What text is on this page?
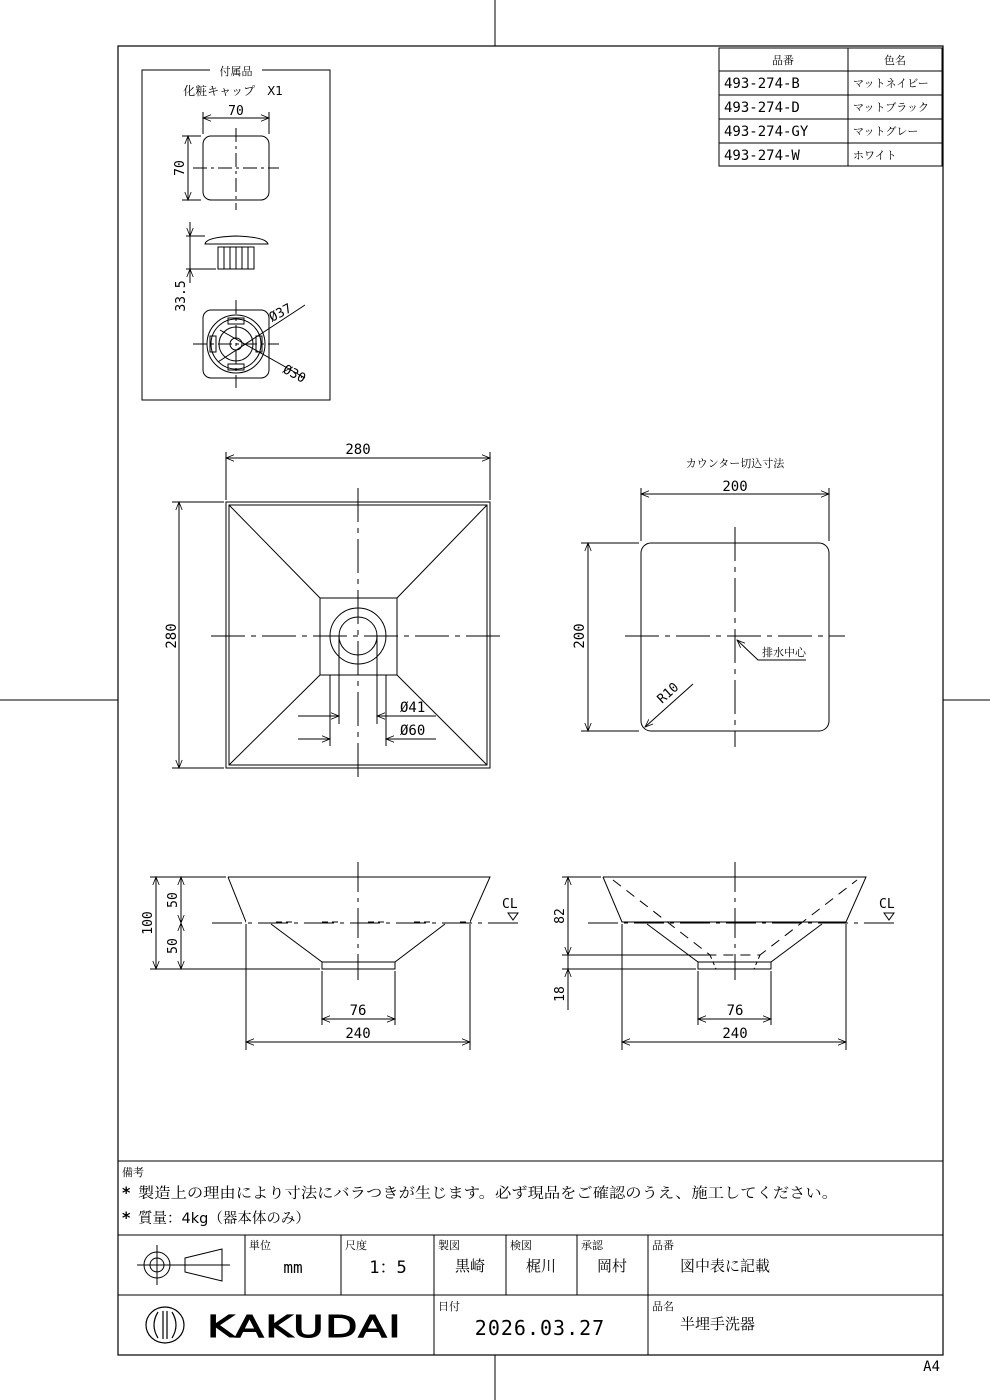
品番	色名
493-274-B	マットネイビー
493-274-D	マットブラック
493-274-GY	マットグレー
493-274-W	ホワイト
付属品
化粧キャップ　X1
70
70
33.5
Ø37
Ø30
280
280
Ø41
Ø60
カウンター切込寸法
200
200
R10
排水中心
CL
100
50
50
76
240
CL
82
18
76
240
備考
* 製造上の理由により寸法にバラつきが生じます。必ず現品をご確認のうえ、施工してください。
* 質量：4kg（器本体のみ）
単位
mm
尺度
1：5
製図
黒崎
検図
梶川
承認
岡村
品番
図中表に記載
KAKUDAI
日付
2026.03.27
品名
半埋手洗器
A4
